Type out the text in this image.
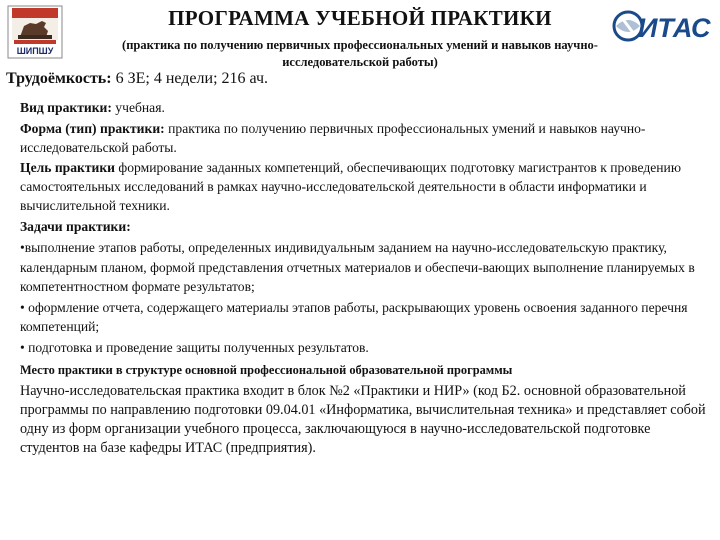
ШИПШУ
ИТАС
ПРОГРАММА УЧЕБНОЙ ПРАКТИКИ
(практика по получению первичных профессиональных умений и навыков научно-исследовательской работы)
Трудоёмкость: 6 ЗЕ; 4 недели; 216 ач.

Вид практики: учебная.

Форма (тип) практики: практика по получению первичных профессиональных умений и навыков научно-исследовательской работы.

Цель практики формирование заданных компетенций, обеспечивающих подготовку магистрантов к проведению самостоятельных исследований в рамках научно-исследовательской деятельности в области информатики и вычислительной техники.

Задачи практики:

•выполнение этапов работы, определенных индивидуальным заданием на научно-исследовательскую практику, календарным планом, формой представления отчетных материалов и обеспечи-вающих выполнение планируемых в компетентностном формате результатов;

• оформление отчета, содержащего материалы этапов работы, раскрывающих уровень освоения заданного перечня компетенций;

• подготовка и проведение защиты полученных результатов.

Место практики в структуре основной профессиональной образовательной программы

Научно-исследовательская практика входит в блок №2 «Практики и НИР» (код Б2. основной образовательной программы по направлению подготовки 09.04.01 «Информатика, вычислительная техника» и представляет собой одну из форм организации учебного процесса, заключающуюся в научно-исследовательской подготовке студентов на базе кафедры ИТАС (предприятия).
